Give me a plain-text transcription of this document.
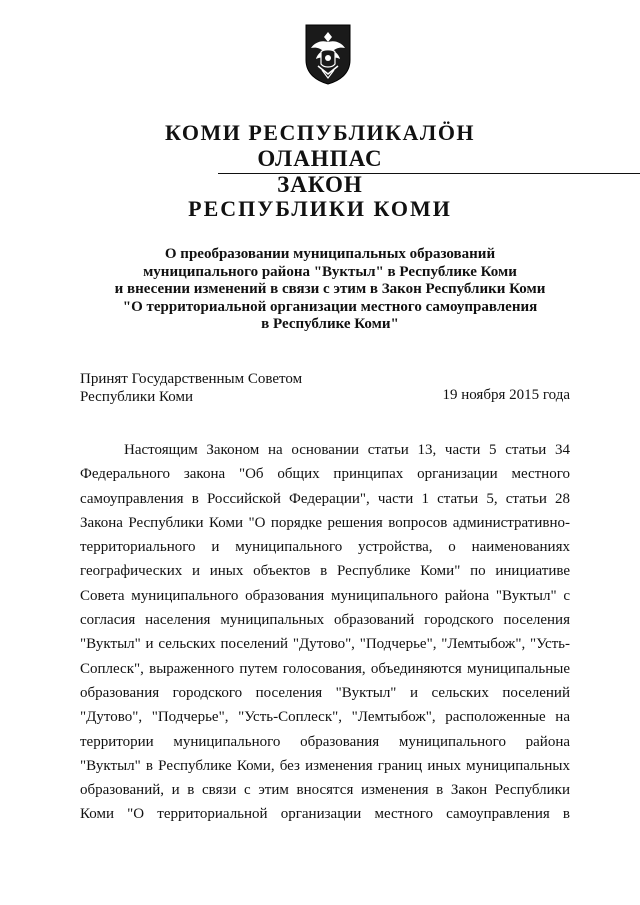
КОМИ РЕСПУБЛИКАЛӦН
ОЛАНПАС
ЗАКОН
РЕСПУБЛИКИ КОМИ
О преобразовании муниципальных образований
муниципального района "Вуктыл" в Республике Коми
и внесении изменений в связи с этим в Закон Республики Коми
"О территориальной организации местного самоуправления
в Республике Коми"
Принят Государственным Советом
Республики Коми	19 ноября 2015 года
Настоящим Законом на основании статьи 13, части 5 статьи 34
Федерального закона "Об общих принципах организации местного
самоуправления в Российской Федерации", части 1 статьи 5, статьи 28
Закона Республики Коми "О порядке решения вопросов административно-
территориального и муниципального устройства, о наименованиях
географических и иных объектов в Республике Коми" по инициативе
Совета муниципального образования муниципального района "Вуктыл" с
согласия населения муниципальных образований городского поселения
"Вуктыл" и сельских поселений "Дутово", "Подчерье", "Лемтыбож", "Усть-
Соплеск", выраженного путем голосования, объединяются муниципальные
образования городского поселения "Вуктыл" и сельских поселений
"Дутово", "Подчерье", "Усть-Соплеск", "Лемтыбож", расположенные на
территории муниципального образования муниципального района
"Вуктыл" в Республике Коми, без изменения границ иных муниципальных
образований, и в связи с этим вносятся изменения в Закон Республики
Коми "О территориальной организации местного самоуправления в
